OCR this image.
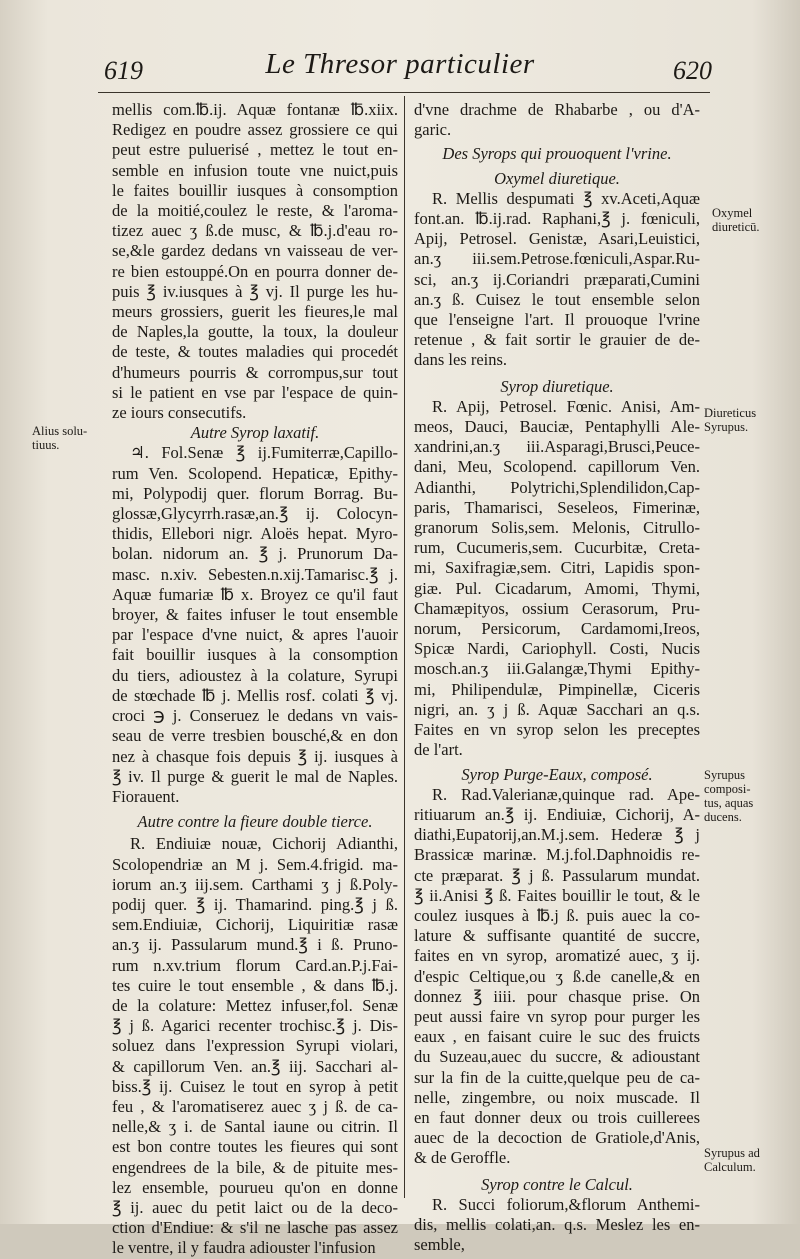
619	Le Thresor particulier	620
mellis com.℔.ij. Aquæ fontanæ ℔.xiix.
Redigez en poudre assez grossiere ce qui
peut estre puluerisé , mettez le tout en-
semble en infusion toute vne nuict,puis
le faites bouillir iusques à consomption
de la moitié,coulez le reste, & l'aroma-
tizez auec ʒ ß.de musc, & ℔.j.d'eau ro-
se,&le gardez dedans vn vaisseau de ver-
re bien estouppé.On en pourra donner de-
puis ℥ iv.iusques à ℥ vj. Il purge les hu-
meurs grossiers, guerit les fieures,le mal
de Naples,la goutte, la toux, la douleur
de teste, & toutes maladies qui procedét
d'humeurs pourris & corrompus,sur tout
si le patient en vse par l'espace de quin-
ze iours consecutifs.
Autre Syrop laxatif.
♃. Fol.Senæ ℥ ij.Fumiterræ,Capillo-
rum Ven. Scolopend. Hepaticæ, Epithy-
mi, Polypodij quer. florum Borrag. Bu-
glossæ,Glycyrrh.rasæ,an.℥ ij. Colocyn-
thidis, Ellebori nigr. Aloës hepat. Myro-
bolan. nidorum an. ℥ j. Prunorum Da-
masc. n.xiv. Sebesten.n.xij.Tamarisc.℥ j.
Aquæ fumariæ ℔ x. Broyez ce qu'il faut
broyer, & faites infuser le tout ensemble
par l'espace d'vne nuict, & apres l'auoir
fait bouillir iusques à la consomption
du tiers, adioustez à la colature, Syrupi
de stœchade ℔ j. Mellis rosf. colati ℥ vj.
croci ℈ j. Conseruez le dedans vn vais-
seau de verre tresbien bousché,& en don
nez à chasque fois depuis ℥ ij. iusques à
℥ iv. Il purge & guerit le mal de Naples.
Fiorauent.
Autre contre la fieure double tierce.
R. Endiuiæ nouæ, Cichorij Adianthi,
Scolopendriæ an M j. Sem.4.frigid. ma-
iorum an.ʒ iij.sem. Carthami ʒ j ß.Poly-
podij quer. ℥ ij. Thamarind. ping.℥ j ß.
sem.Endiuiæ, Cichorij, Liquiritiæ rasæ
an.ʒ ij. Passularum mund.℥ i ß. Pruno-
rum n.xv.trium florum Card.an.P.j.Fai-
tes cuire le tout ensemble , & dans ℔.j.
de la colature: Mettez infuser,fol. Senæ
℥ j ß. Agarici recenter trochisc.℥ j. Dis-
soluez dans l'expression Syrupi violari,
& capillorum Ven. an.℥ iij. Sacchari al-
biss.℥ ij. Cuisez le tout en syrop à petit
feu , & l'aromatiserez auec ʒ j ß. de ca-
nelle,& ʒ i. de Santal iaune ou citrin. Il
est bon contre toutes les fieures qui sont
engendrees de la bile, & de pituite mes-
lez ensemble, pourueu qu'on en donne
℥ ij. auec du petit laict ou de la deco-
ction d'Endiue: & s'il ne lasche pas assez
le ventre, il y faudra adiouster l'infusion
d'vne drachme de Rhabarbe , ou d'A-
garic.
Des Syrops qui prouoquent l'vrine.
Oxymel diuretique.
R. Mellis despumati ℥ xv.Aceti,Aquæ
font.an. ℔.ij.rad. Raphani,℥ j. fœniculi,
Apij, Petrosel. Genistæ, Asari,Leuistici,
an.ʒ iii.sem.Petrose.fœniculi,Aspar.Ru-
sci, an.ʒ ij.Coriandri præparati,Cumini
an.ʒ ß. Cuisez le tout ensemble selon
que l'enseigne l'art. Il prouoque l'vrine
retenue , & fait sortir le grauier de de-
dans les reins.
Syrop diuretique.
R. Apij, Petrosel. Fœnic. Anisi, Am-
meos, Dauci, Bauciæ, Pentaphylli Ale-
xandrini,an.ʒ iii.Asparagi,Brusci,Peuce-
dani, Meu, Scolopend. capillorum Ven.
Adianthi, Polytrichi,Splendilidon,Cap-
paris, Thamarisci, Seseleos, Fimerinæ,
granorum Solis,sem. Melonis, Citrullo-
rum, Cucumeris,sem. Cucurbitæ, Creta-
mi, Saxifragiæ,sem. Citri, Lapidis spon-
giæ. Pul. Cicadarum, Amomi, Thymi,
Chamæpityos, ossium Cerasorum, Pru-
norum, Persicorum, Cardamomi,Ireos,
Spicæ Nardi, Cariophyll. Costi, Nucis
mosch.an.ʒ iii.Galangæ,Thymi Epithy-
mi, Philipendulæ, Pimpinellæ, Ciceris
nigri, an. ʒ j ß. Aquæ Sacchari an q.s.
Faites en vn syrop selon les preceptes
de l'art.
Syrop Purge-Eaux, composé.
R. Rad.Valerianæ,quinque rad. Ape-
ritiuarum an.℥ ij. Endiuiæ, Cichorij, A-
diathi,Eupatorij,an.M.j.sem. Hederæ ℥ j
Brassicæ marinæ. M.j.fol.Daphnoidis re-
cte præparat. ℥ j ß. Passularum mundat.
℥ ii.Anisi ℥ ß. Faites bouillir le tout, & le
coulez iusques à ℔.j ß. puis auec la co-
lature & suffisante quantité de succre,
faites en vn syrop, aromatizé auec, ʒ ij.
d'espic Celtique,ou ʒ ß.de canelle,& en
donnez ℥ iiii. pour chasque prise. On
peut aussi faire vn syrop pour purger les
eaux , en faisant cuire le suc des fruicts
du Suzeau,auec du succre, & adioustant
sur la fin de la cuitte,quelque peu de ca-
nelle, zingembre, ou noix muscade. Il
en faut donner deux ou trois cuillerees
auec de la decoction de Gratiole,d'Anis,
& de Geroffle.
Syrop contre le Calcul.
R. Succi foliorum,&florum Anthemi-
dis, mellis colati,an. q.s. Meslez les en-
semble,
Alius solu-
tiuus.
Oxymel
diureticū.
Diureticus
Syrupus.
Syrupus
composi-
tus, aquas
ducens.
Syrupus ad
Calculum.
